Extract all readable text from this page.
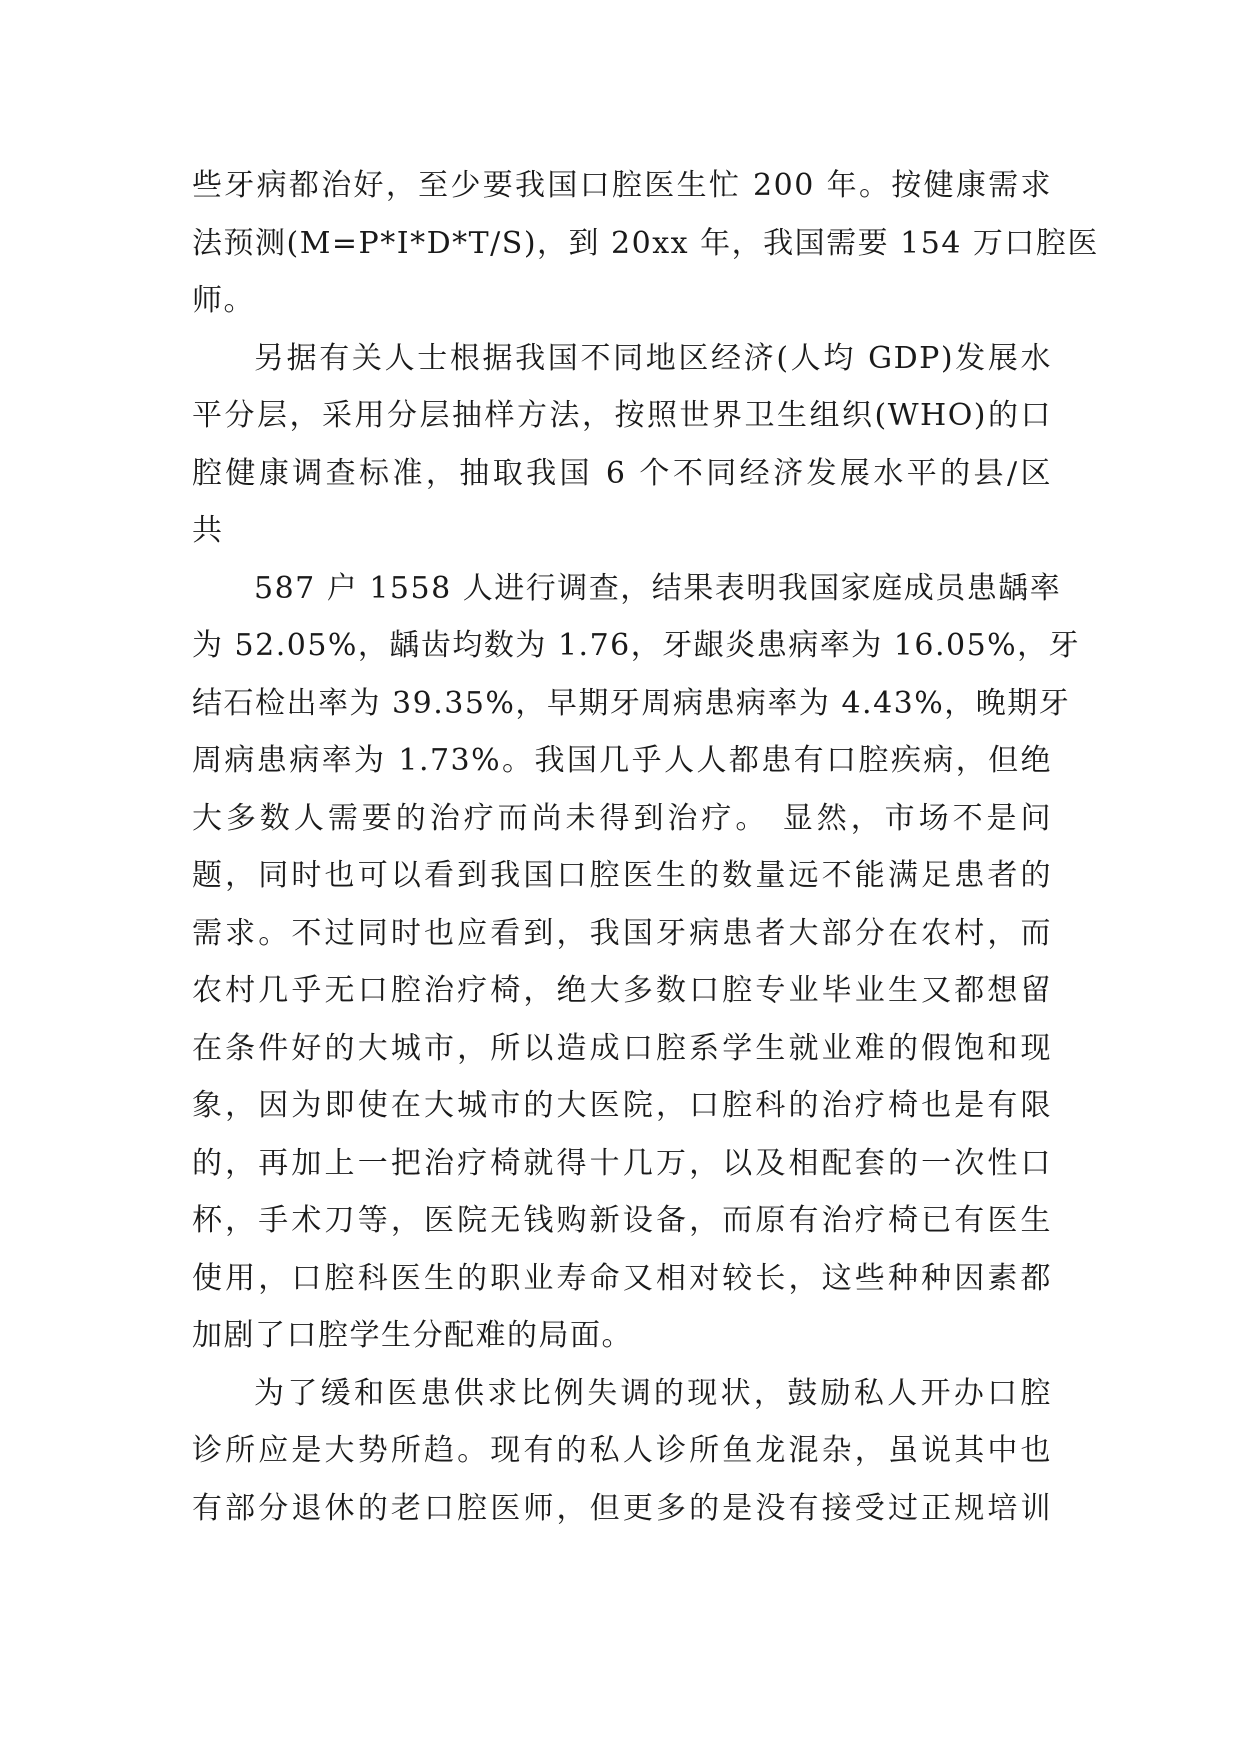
些牙病都治好，至少要我国口腔医生忙 200 年。按健康需求
法预测(M=P*I*D*T/S)，到 20xx 年，我国需要 154 万口腔医
师。

另据有关人士根据我国不同地区经济(人均 GDP)发展水
平分层，采用分层抽样方法，按照世界卫生组织(WHO)的口
腔健康调查标准，抽取我国 6 个不同经济发展水平的县/区
共

587 户 1558 人进行调查，结果表明我国家庭成员患龋率
为 52.05%，龋齿均数为 1.76，牙龈炎患病率为 16.05%，牙
结石检出率为 39.35%，早期牙周病患病率为 4.43%，晚期牙
周病患病率为 1.73%。我国几乎人人都患有口腔疾病，但绝
大多数人需要的治疗而尚未得到治疗。 显然，市场不是问
题，同时也可以看到我国口腔医生的数量远不能满足患者的
需求。不过同时也应看到，我国牙病患者大部分在农村，而
农村几乎无口腔治疗椅，绝大多数口腔专业毕业生又都想留
在条件好的大城市，所以造成口腔系学生就业难的假饱和现
象，因为即使在大城市的大医院，口腔科的治疗椅也是有限
的，再加上一把治疗椅就得十几万，以及相配套的一次性口
杯，手术刀等，医院无钱购新设备，而原有治疗椅已有医生
使用，口腔科医生的职业寿命又相对较长，这些种种因素都
加剧了口腔学生分配难的局面。

为了缓和医患供求比例失调的现状，鼓励私人开办口腔
诊所应是大势所趋。现有的私人诊所鱼龙混杂，虽说其中也
有部分退休的老口腔医师，但更多的是没有接受过正规培训
